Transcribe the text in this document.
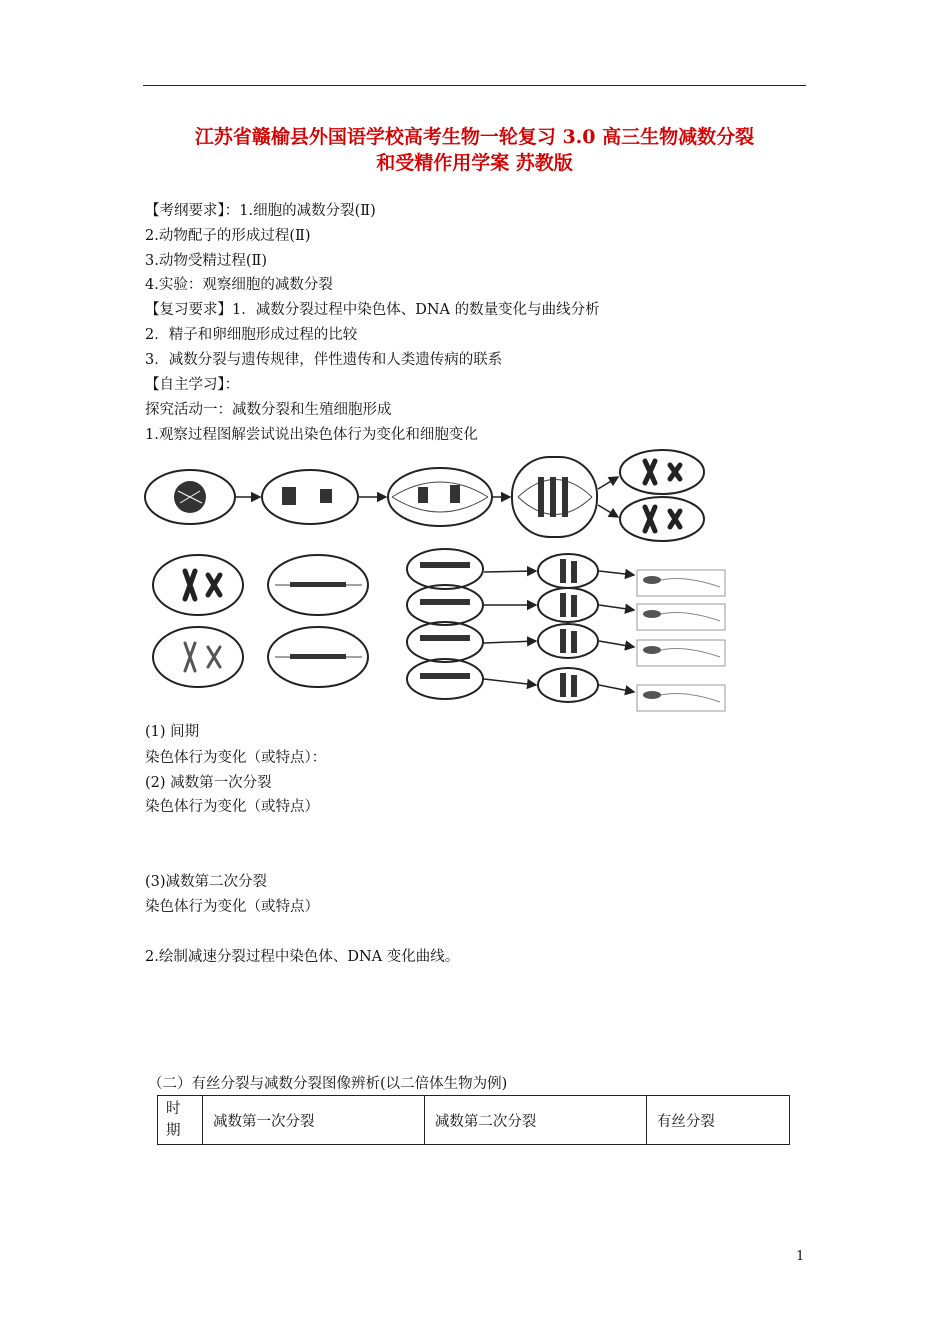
江苏省赣榆县外国语学校高考生物一轮复习 3.0 高三生物减数分裂
和受精作用学案 苏教版
【考纲要求】：1.细胞的减数分裂(Ⅱ)
2.动物配子的形成过程(Ⅱ)
3.动物受精过程(Ⅱ)
4.实验：观察细胞的减数分裂
【复习要求】1．减数分裂过程中染色体、DNA 的数量变化与曲线分析
2．精子和卵细胞形成过程的比较
3．减数分裂与遗传规律，伴性遗传和人类遗传病的联系
【自主学习】：
探究活动一：减数分裂和生殖细胞形成
1.观察过程图解尝试说出染色体行为变化和细胞变化
(1) 间期
染色体行为变化（或特点）：
(2) 减数第一次分裂
染色体行为变化（或特点）
(3)减数第二次分裂
染色体行为变化（或特点）
2.绘制减速分裂过程中染色体、DNA 变化曲线。
（二）有丝分裂与减数分裂图像辨析(以二倍体生物为例)
时
期
	减数第一次分裂	减数第二次分裂	有丝分裂
1
